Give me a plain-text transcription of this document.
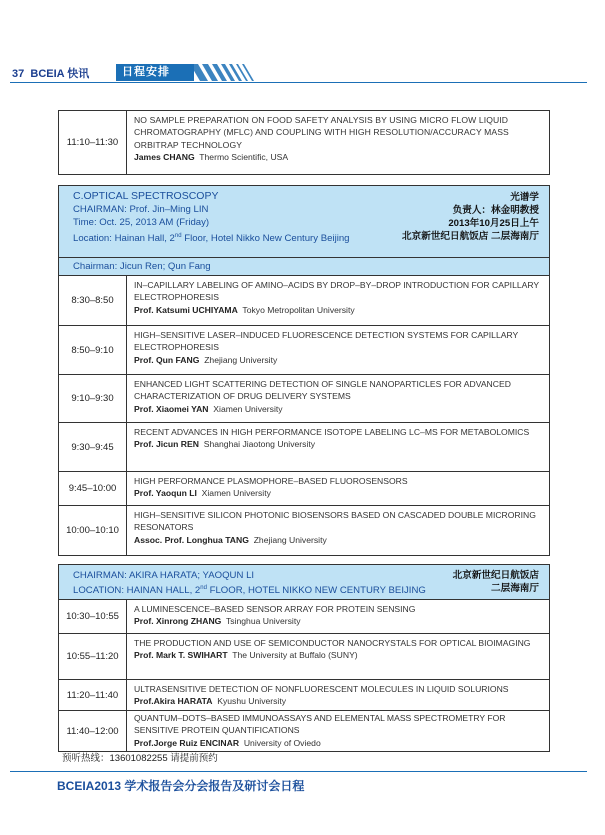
37 BCEIA 快讯	日程安排
11:10–11:30
NO SAMPLE PREPARATION ON FOOD SAFETY ANALYSIS BY USING MICRO FLOW LIQUID CHROMATOGRAPHY (MFLC) AND COUPLING WITH HIGH RESOLUTION/ACCURACY MASS ORBITRAP TECHNOLOGY
James CHANG Thermo Scientific, USA
C.OPTICAL SPECTROSCOPY
CHAIRMAN: Prof. Jin–Ming LIN
Time: Oct. 25, 2013 AM (Friday)
Location: Hainan Hall, 2nd Floor, Hotel Nikko New Century Beijing
光谱学
负责人：林金明教授
2013年10月25日上午
北京新世纪日航饭店 二层海南厅
Chairman: Jicun Ren; Qun Fang
8:30–8:50
IN–CAPILLARY LABELING OF AMINO–ACIDS BY DROP–BY–DROP INTRODUCTION FOR CAPILLARY ELECTROPHORESIS
Prof. Katsumi UCHIYAMA Tokyo Metropolitan University
8:50–9:10
HIGH–SENSITIVE LASER–INDUCED FLUORESCENCE DETECTION SYSTEMS FOR CAPILLARY ELECTROPHORESIS
Prof. Qun FANG Zhejiang University
9:10–9:30
ENHANCED LIGHT SCATTERING DETECTION OF SINGLE NANOPARTICLES FOR ADVANCED CHARACTERIZATION OF DRUG DELIVERY SYSTEMS
Prof. Xiaomei YAN Xiamen University
9:30–9:45
RECENT ADVANCES IN HIGH PERFORMANCE ISOTOPE LABELING LC–MS FOR METABOLOMICS
Prof. Jicun REN Shanghai Jiaotong University
9:45–10:00
HIGH PERFORMANCE PLASMOPHORE–BASED FLUOROSENSORS
Prof. Yaoqun LI Xiamen University
10:00–10:10
HIGH–SENSITIVE SILICON PHOTONIC BIOSENSORS BASED ON CASCADED DOUBLE MICRORING RESONATORS
Assoc. Prof. Longhua TANG Zhejiang University
CHAIRMAN: AKIRA HARATA; YAOQUN LI
LOCATION: HAINAN HALL, 2nd FLOOR, HOTEL NIKKO NEW CENTURY BEIJING
北京新世纪日航饭店
二层海南厅
10:30–10:55
A LUMINESCENCE–BASED SENSOR ARRAY FOR PROTEIN SENSING
Prof. Xinrong ZHANG Tsinghua University
10:55–11:20
THE PRODUCTION AND USE OF SEMICONDUCTOR NANOCRYSTALS FOR OPTICAL BIOIMAGING
Prof. Mark T. SWIHART The University at Buffalo (SUNY)
11:20–11:40
ULTRASENSITIVE DETECTION OF NONFLUORESCENT MOLECULES IN LIQUID SOLURIONS
Prof.Akira HARATA Kyushu University
11:40–12:00
QUANTUM–DOTS–BASED IMMUNOASSAYS AND ELEMENTAL MASS SPECTROMETRY FOR SENSITIVE PROTEIN QUANTIFICATIONS
Prof.Jorge Ruiz ENCINAR University of Oviedo
预听热线：13601082255 请提前预约
BCEIA2013 学术报告会分会报告及研讨会日程
